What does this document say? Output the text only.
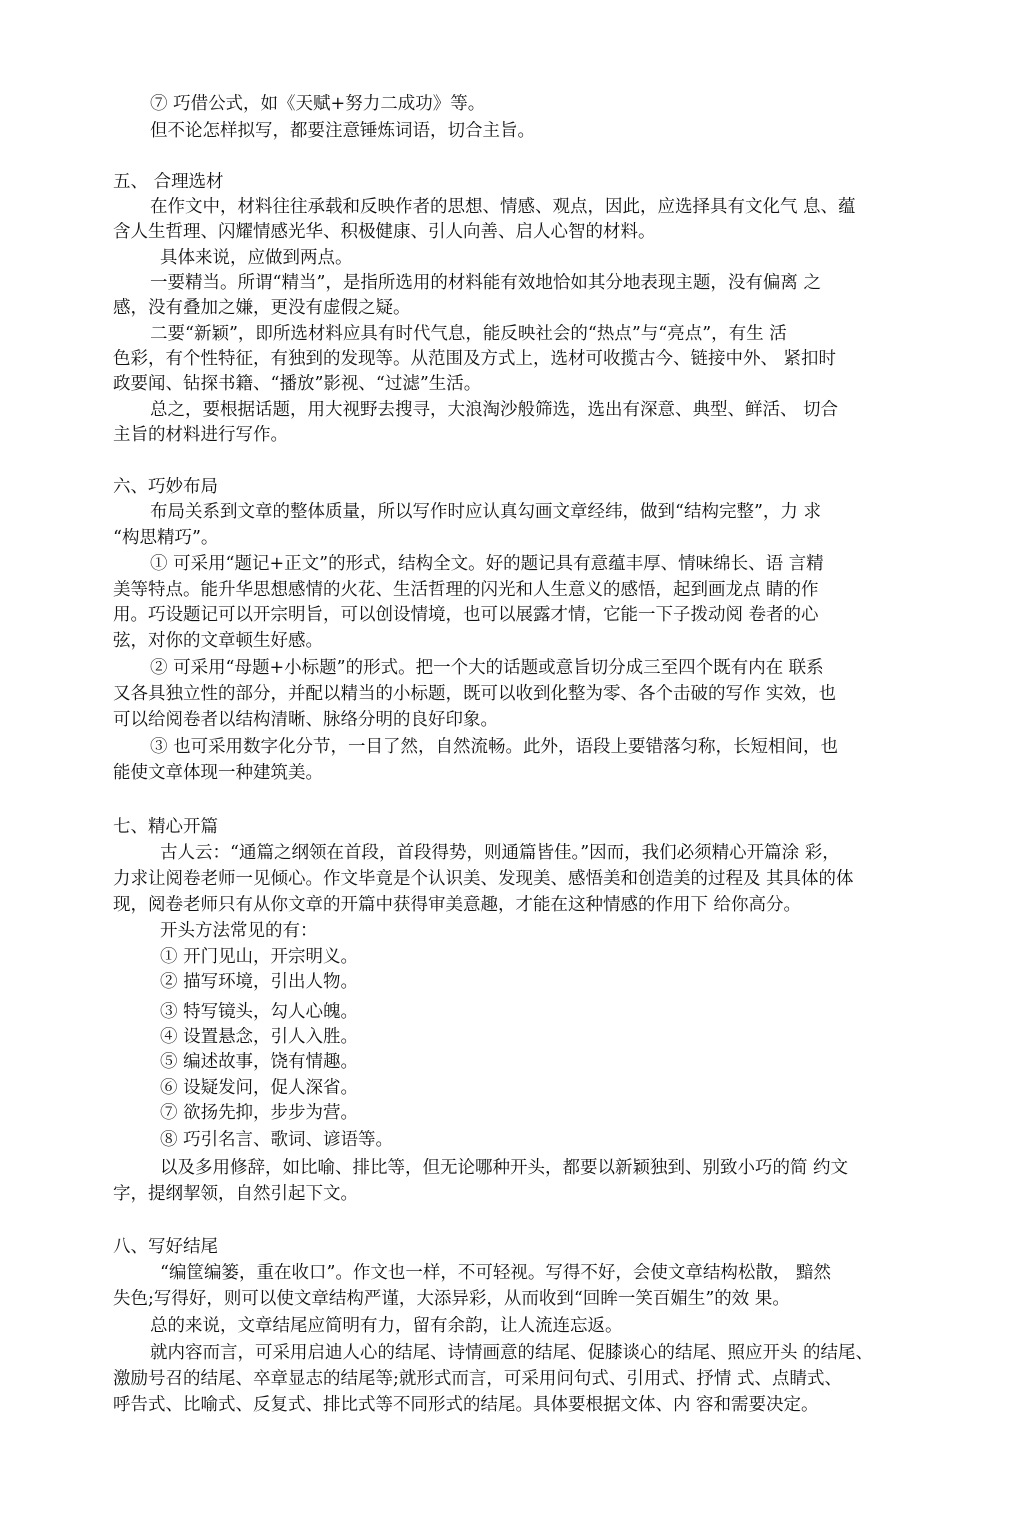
⑦ 巧借公式，如《天赋+努力二成功》等。
但不论怎样拟写，都要注意锤炼词语，切合主旨。
五、 合理选材
在作文中，材料往往承载和反映作者的思想、情感、观点，因此，应选择具有文化气 息、蕴
含人生哲理、闪耀情感光华、积极健康、引人向善、启人心智的材料。
具体来说，应做到两点。
一要精当。所谓“精当”，是指所选用的材料能有效地恰如其分地表现主题，没有偏离 之
感，没有叠加之嫌，更没有虚假之疑。
二要“新颖”，即所选材料应具有时代气息，能反映社会的“热点”与“亮点”，有生 活
色彩，有个性特征，有独到的发现等。从范围及方式上，选材可收揽古今、链接中外、 紧扣时
政要闻、钻探书籍、“播放”影视、“过滤”生活。
总之，要根据话题，用大视野去搜寻，大浪淘沙般筛选，选出有深意、典型、鲜活、 切合
主旨的材料进行写作。
六、巧妙布局
布局关系到文章的整体质量，所以写作时应认真勾画文章经纬，做到“结构完整”，力 求
“构思精巧”。
① 可采用“题记+正文”的形式，结构全文。好的题记具有意蕴丰厚、情味绵长、语 言精
美等特点。能升华思想感情的火花、生活哲理的闪光和人生意义的感悟，起到画龙点 睛的作
用。巧设题记可以开宗明旨，可以创设情境，也可以展露才情，它能一下子拨动阅 卷者的心
弦，对你的文章顿生好感。
② 可采用“母题+小标题”的形式。把一个大的话题或意旨切分成三至四个既有内在 联系
又各具独立性的部分，并配以精当的小标题，既可以收到化整为零、各个击破的写作 实效，也
可以给阅卷者以结构清晰、脉络分明的良好印象。
③ 也可采用数字化分节，一目了然，自然流畅。此外，语段上要错落匀称，长短相间，也
能使文章体现一种建筑美。
七、精心开篇
古人云：“通篇之纲领在首段，首段得势，则通篇皆佳。”因而，我们必须精心开篇涂 彩，
力求让阅卷老师一见倾心。作文毕竟是个认识美、发现美、感悟美和创造美的过程及 其具体的体
现，阅卷老师只有从你文章的开篇中获得审美意趣，才能在这种情感的作用下 给你高分。
开头方法常见的有：
① 开门见山，开宗明义。
② 描写环境，引出人物。
③ 特写镜头，勾人心魄。
④ 设置悬念，引人入胜。
⑤ 编述故事，饶有情趣。
⑥ 设疑发问，促人深省。
⑦ 欲扬先抑，步步为营。
⑧ 巧引名言、歌词、谚语等。
以及多用修辞，如比喻、排比等，但无论哪种开头，都要以新颖独到、别致小巧的简 约文
字，提纲挈领，自然引起下文。
八、写好结尾
“编筐编篓，重在收口”。作文也一样，不可轻视。写得不好，会使文章结构松散， 黯然
失色;写得好，则可以使文章结构严谨，大添异彩，从而收到“回眸一笑百媚生”的效 果。
总的来说，文章结尾应简明有力，留有余韵，让人流连忘返。
就内容而言，可采用启迪人心的结尾、诗情画意的结尾、促膝谈心的结尾、照应开头 的结尾、
激励号召的结尾、卒章显志的结尾等;就形式而言，可采用问句式、引用式、抒情 式、点睛式、
呼告式、比喻式、反复式、排比式等不同形式的结尾。具体要根据文体、内 容和需要决定。
